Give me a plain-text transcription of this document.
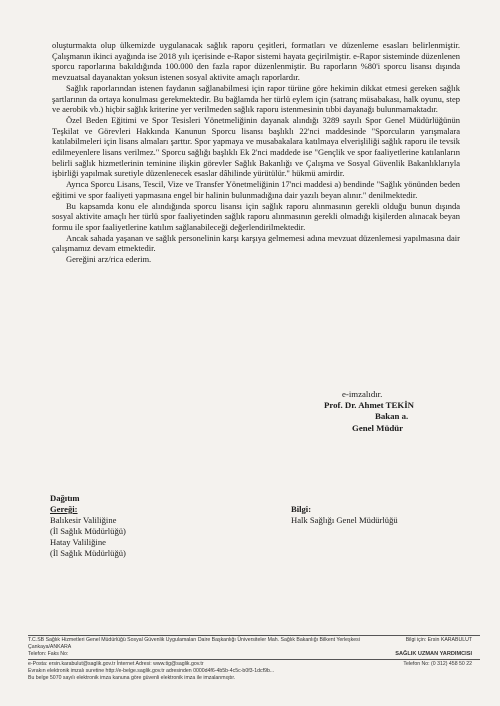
oluşturmakta olup ülkemizde uygulanacak sağlık raporu çeşitleri, formatları ve düzenleme esasları belirlenmiştir. Çalışmanın ikinci ayağında ise 2018 yılı içerisinde e-Rapor sistemi hayata geçirilmiştir. e-Rapor sisteminde düzenlenen sporcu raporlarına bakıldığında 100.000 den fazla rapor düzenlenmiştir. Bu raporların %80'i sporcu lisansı dışında mevzuatsal dayanaktan yoksun istenen sosyal aktivite amaçlı raporlardır.

Sağlık raporlarından istenen faydanın sağlanabilmesi için rapor türüne göre hekimin dikkat etmesi gereken sağlık şartlarının da ortaya konulması gerekmektedir. Bu bağlamda her türlü eylem için (satranç müsabakası, halk oyunu, step ve aerobik vb.) hiçbir sağlık kriterine yer verilmeden sağlık raporu istenmesinin tıbbi dayanağı bulunmamaktadır.

Özel Beden Eğitimi ve Spor Tesisleri Yönetmeliğinin dayanak alındığı 3289 sayılı Spor Genel Müdürlüğünün Teşkilat ve Görevleri Hakkında Kanunun Sporcu lisansı başlıklı 22'nci maddesinde "Sporcuların yarışmalara katılabilmeleri için lisans almaları şarttır. Spor yapmaya ve musabakalara katılmaya elverişliliği sağlık raporu ile tevsik edilmeyenlere lisans verilmez." Sporcu sağlığı başlıklı Ek 2'nci maddede ise "Gençlik ve spor faaliyetlerine katılanların belirli sağlık hizmetlerinin teminine ilişkin görevler Sağlık Bakanlığı ve Çalışma ve Sosyal Güvenlik Bakanlıklarıyla işbirliği yapılmak suretiyle düzenlenecek esaslar dâhilinde yürütülür." hükmü amirdir.

Ayrıca Sporcu Lisans, Tescil, Vize ve Transfer Yönetmeliğinin 17'nci maddesi a) bendinde "Sağlık yönünden beden eğitimi ve spor faaliyeti yapmasına engel bir halinin bulunmadığına dair yazılı beyan alınır." denilmektedir.

Bu kapsamda konu ele alındığında sporcu lisansı için sağlık raporu alınmasının gerekli olduğu bunun dışında sosyal aktivite amaçlı her türlü spor faaliyetinden sağlık raporu alınmasının gerekli olmadığı kişilerden alınacak beyan formu ile spor faaliyetlerine katılım sağlanabileceği değerlendirilmektedir.

Ancak sahada yaşanan ve sağlık personelinin karşı karşıya gelmemesi adına mevzuat düzenlemesi yapılmasına dair çalışmamız devam etmektedir.

Gereğini arz/rica ederim.

e-imzalıdır.
Prof. Dr. Ahmet TEKİN
Bakan a.
Genel Müdür
Dağıtım
Gereği:
Balıkesir Valiliğine
(İl Sağlık Müdürlüğü)
Hatay Valiliğine
(İl Sağlık Müdürlüğü)
Bilgi:
Halk Sağlığı Genel Müdürlüğü
T.C.SB Sağlık Hizmetleri Genel Müdürlüğü Sosyal Güvenlik Uygulamaları Daire Başkanlığı Üniversiteler Mah. Sağlık Bakanlığı Bilkent Yerleşkesi	Bilgi için: Ersin KARABULUT
Çankaya/ANKARA
Telefon: Faks No:	SAĞLIK UZMAN YARDIMCISI
e-Posta: ersin.karabulut@saglik.gov.tr İnternet Adresi: www.tig@saglik.gov.tr	Telefon No: (0 312) 458 50 22
Evrakın elektronik imzalı suretine http://e-belge.saglik.gov.tr adresinden 0000d4f6-4b5b-4c5c-b0f3-1dcf9b...
Bu belge 5070 sayılı elektronik imza kanuna göre güvenli elektronik imza ile imzalanmıştır.
